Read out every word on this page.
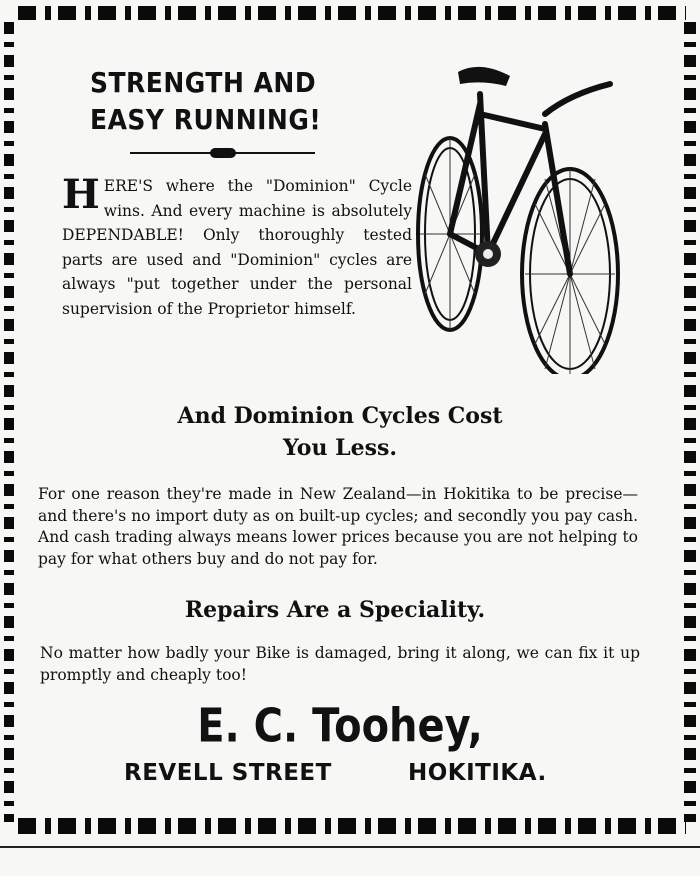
STRENGTH AND
EASY RUNNING!
H ERE'S where the "Dominion" Cycle wins. And every machine is absolutely DEPENDABLE! Only thoroughly tested parts are used and "Dominion" cycles are always "put together under the personal supervision of the Proprietor himself.

And Dominion Cycles Cost
You Less.
For one reason they're made in New Zealand—in Hokitika to be precise—and there's no import duty as on built-up cycles; and secondly you pay cash. And cash trading always means lower prices because you are not helping to pay for what others buy and do not pay for.
Repairs Are a Speciality.
No matter how badly your Bike is damaged, bring it along, we can fix it up promptly and cheaply too!
E. C. Toohey,
REVELL STREET	HOKITIKA.
